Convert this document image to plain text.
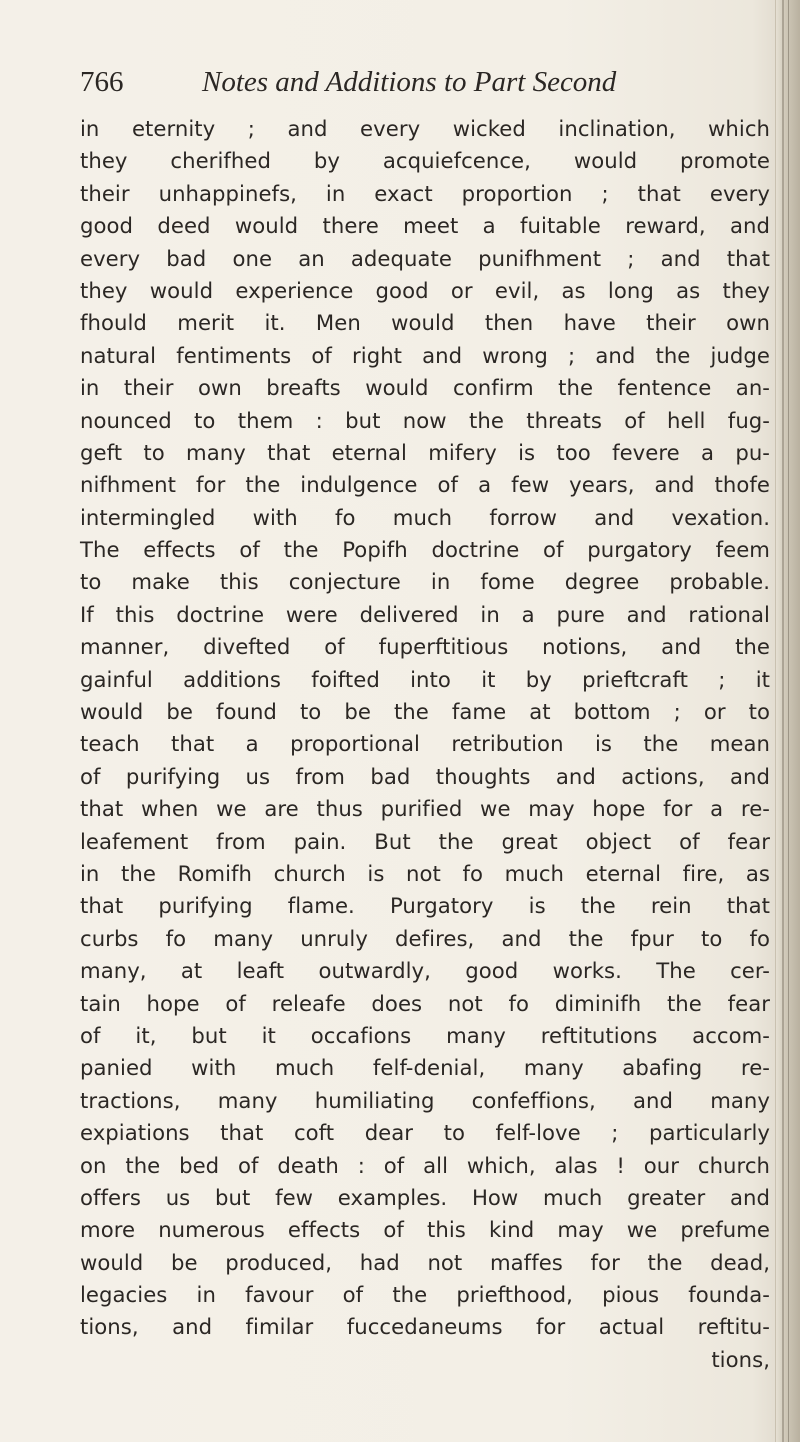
766	Notes and Additions to Part Second
in eternity ; and every wicked inclination, which
they cherifhed by acquiefcence, would promote
their unhappinefs, in exact proportion ; that every
good deed would there meet a fuitable reward, and
every bad one an adequate punifhment ; and that
they would experience good or evil, as long as they
fhould merit it. Men would then have their own
natural fentiments of right and wrong ; and the judge
in their own breafts would confirm the fentence an-
nounced to them : but now the threats of hell fug-
geft to many that eternal mifery is too fevere a pu-
nifhment for the indulgence of a few years, and thofe
intermingled with fo much forrow and vexation.
The effects of the Popifh doctrine of purgatory feem
to make this conjecture in fome degree probable.
If this doctrine were delivered in a pure and rational
manner, divefted of fuperftitious notions, and the
gainful additions foifted into it by prieftcraft ; it
would be found to be the fame at bottom ; or to
teach that a proportional retribution is the mean
of purifying us from bad thoughts and actions, and
that when we are thus purified we may hope for a re-
leafement from pain. But the great object of fear
in the Romifh church is not fo much eternal fire, as
that purifying flame. Purgatory is the rein that
curbs fo many unruly defires, and the fpur to fo
many, at leaft outwardly, good works. The cer-
tain hope of releafe does not fo diminifh the fear
of it, but it occafions many reftitutions accom-
panied with much felf-denial, many abafing re-
tractions, many humiliating confeffions, and many
expiations that coft dear to felf-love ; particularly
on the bed of death : of all which, alas ! our church
offers us but few examples. How much greater and
more numerous effects of this kind may we prefume
would be produced, had not maffes for the dead,
legacies in favour of the priefthood, pious founda-
tions, and fimilar fuccedaneums for actual reftitu-
tions,
